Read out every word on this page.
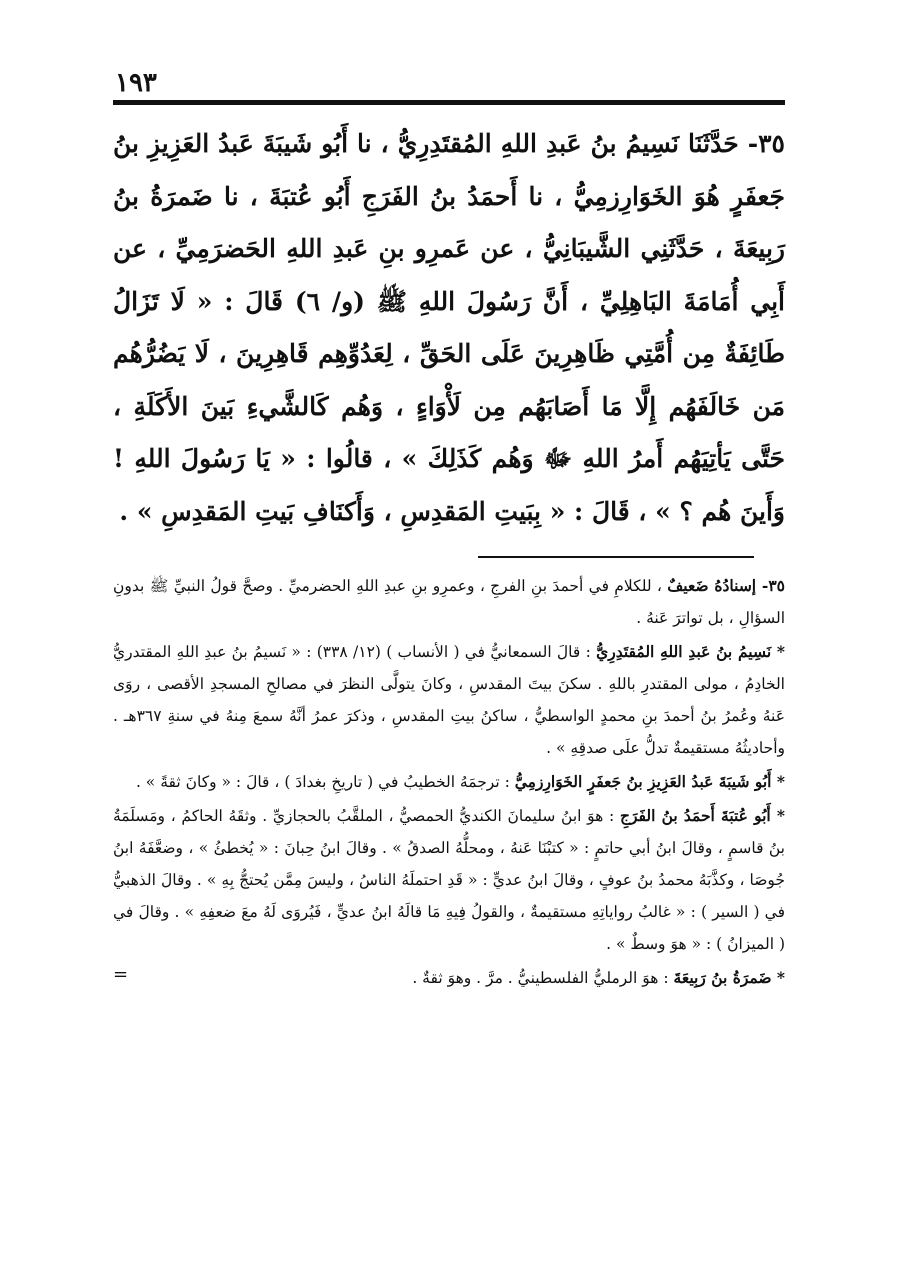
١٩٣

٣٥- حَدَّثَنَا نَسِيمُ بنُ عَبدِ اللهِ المُقتَدِرِيُّ ، نا أَبُو شَيبَةَ عَبدُ العَزِيزِ بنُ جَعفَرٍ هُوَ الخَوَارِزمِيُّ ، نا أَحمَدُ بنُ الفَرَجِ أَبُو عُتبَةَ ، نا ضَمرَةُ بنُ رَبِيعَةَ ، حَدَّثَنِي الشَّيبَانِيُّ ، عن عَمرِو بنِ عَبدِ اللهِ الحَضرَمِيِّ ، عن أَبِي أُمَامَةَ البَاهِلِيِّ ، أَنَّ رَسُولَ اللهِ ﷺ (و/ ٦) قَالَ : « لَا تَزَالُ طَائِفَةٌ مِن أُمَّتِي ظَاهِرِينَ عَلَى الحَقِّ ، لِعَدُوِّهِم قَاهِرِينَ ، لَا يَضُرُّهُم مَن خَالَفَهُم إِلَّا مَا أَصَابَهُم مِن لَأْوَاءٍ ، وَهُم كَالشَّيءِ بَينَ الأَكَلَةِ ، حَتَّى يَأتِيَهُم أَمرُ اللهِ ﷻ وَهُم كَذَلِكَ » ، قالُوا : « يَا رَسُولَ اللهِ ! وَأَينَ هُم ؟ » ، قَالَ : « بِبَيتِ المَقدِسِ ، وَأَكنَافِ بَيتِ المَقدِسِ » .

٣٥- إسنادُهُ ضَعيفٌ ، للكلامِ في أحمدَ بنِ الفرجِ ، وعمرِو بنِ عبدِ اللهِ الحضرميِّ . وصحَّ قولُ النبيِّ ﷺ بدونِ السؤالِ ، بل تواترَ عَنهُ .

* نَسِيمُ بنُ عَبدِ اللهِ المُقتَدِرِيُّ : قالَ السمعانيُّ في ( الأنساب ) (١٢/ ٣٣٨) : « نَسيمُ بنُ عبدِ اللهِ المقتدريُّ الخادِمُ ، مولى المقتدرِ باللهِ . سكنَ بيتَ المقدسِ ، وكانَ يتولَّى النظرَ في مصالحِ المسجدِ الأقصى ، روَى عَنهُ وعُمرُ بنُ أحمدَ بنِ محمدٍ الواسطيُّ ، ساكنُ بيتِ المقدسِ ، وذكرَ عمرُ أنَّهُ سمعَ مِنهُ في سنةِ ٣٦٧هـ . وأحاديثُهُ مستقيمةٌ تدلُّ علَى صدقِهِ » .

* أَبُو شَيبَةَ عَبدُ العَزِيزِ بنُ جَعفَرٍ الخَوَارِزمِيُّ : ترجمَهُ الخطيبُ في ( تاريخِ بغدادَ ) ، قالَ : « وكانَ ثقةً » .

* أَبُو عُتبَةَ أَحمَدُ بنُ الفَرَجِ : هوَ ابنُ سليمانَ الكنديُّ الحمصيُّ ، الملقَّبُ بالحجازيِّ . وثقَهُ الحاكمُ ، ومَسلَمَةُ بنُ قاسمٍ ، وقالَ ابنُ أبي حاتمٍ : « كتبْنَا عَنهُ ، ومحلُّهُ الصدقُ » . وقالَ ابنُ حِبانَ : « يُخطئُ » ، وضعَّفَهُ ابنُ جُوصَا ، وكذَّبَهُ محمدُ بنُ عوفٍ ، وقالَ ابنُ عديٍّ : « قَدِ احتملَهُ الناسُ ، وليسَ مِمَّن يُحتجُّ بِهِ » . وقالَ الذهبيُّ في ( السير ) : « غالبُ رواياتِهِ مستقيمةٌ ، والقولُ فِيهِ مَا قالَهُ ابنُ عديٍّ ، فَيُروَى لَهُ معَ ضعفِهِ » . وقالَ في ( الميزانُ ) : « هوَ وسطٌ » .

* ضَمرَةُ بنُ رَبِيعَةَ : هوَ الرمليُّ الفلسطينيُّ . مرَّ . وهوَ ثقةٌ .

=
